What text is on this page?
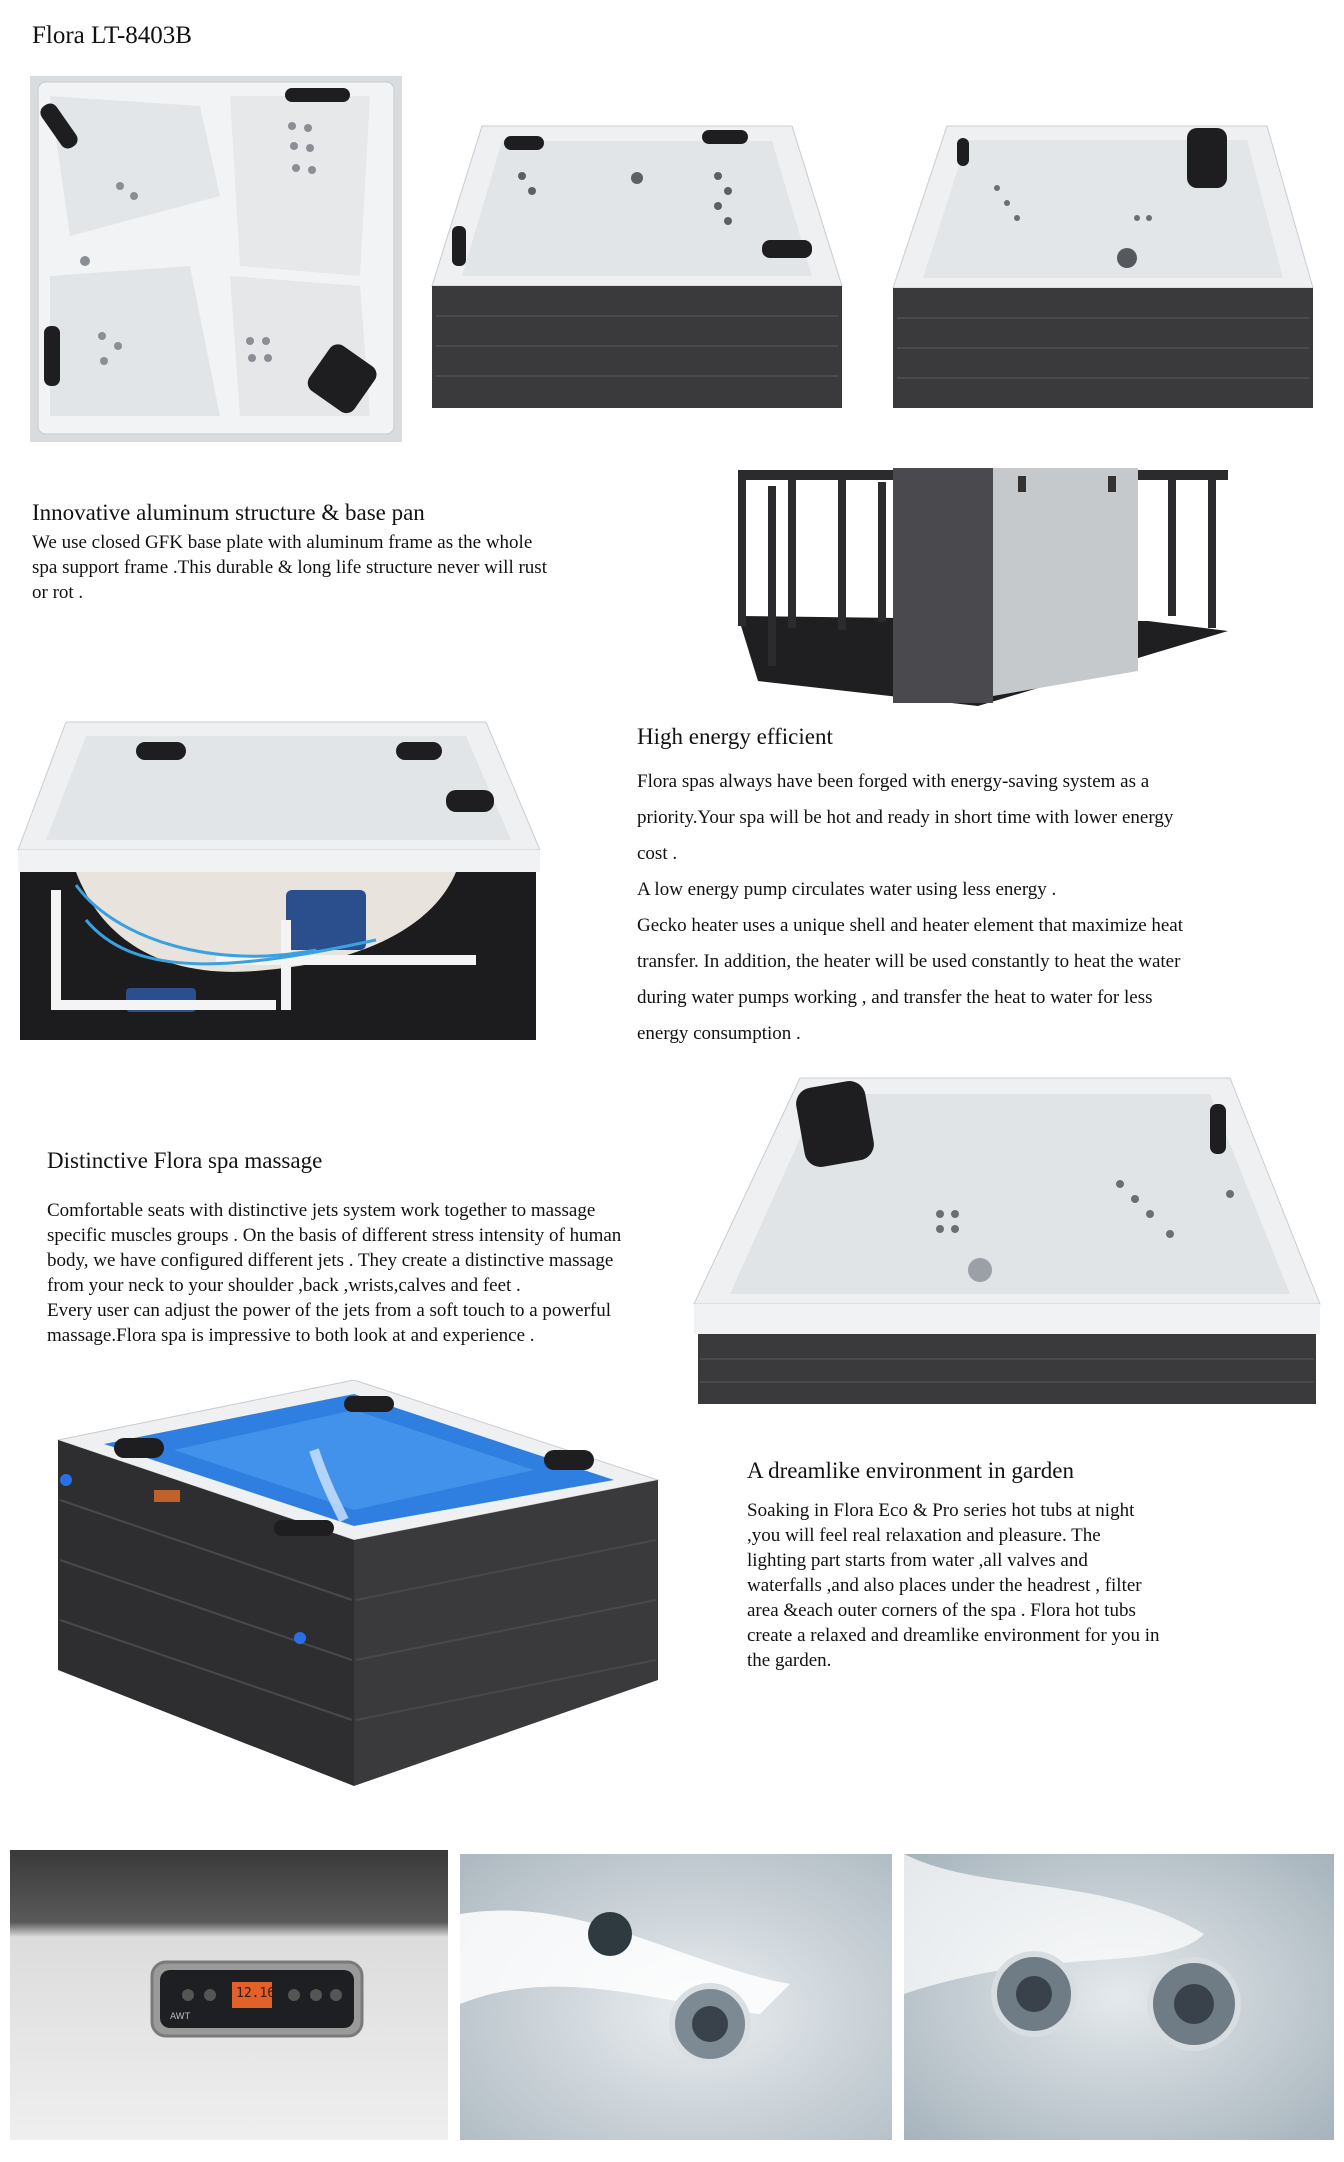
Flora LT-8403B
Innovative aluminum structure & base pan
We use closed GFK base plate with aluminum frame as the whole
spa support frame .This durable & long life structure never will rust
or rot .
High energy efficient
Flora spas always have been forged with energy-saving system as a
priority.Your spa will be hot and ready in short time with lower energy
cost .
A low energy pump circulates water using less energy .
Gecko heater uses a unique shell and heater element that maximize heat
transfer. In addition, the heater will be used constantly to heat the water
during water pumps working , and transfer the heat to water for less
energy consumption .
Distinctive Flora spa massage
Comfortable seats with distinctive jets system work together to massage
specific muscles groups . On the basis of different stress intensity of human
body, we have configured different jets . They create a distinctive massage
from your neck to your shoulder ,back ,wrists,calves and feet .
Every user can adjust the power of the jets from a soft touch to a powerful
massage.Flora spa is impressive to both look at and experience .
A dreamlike environment in garden
Soaking in Flora Eco & Pro series hot tubs at night
,you will feel real relaxation and pleasure. The
lighting part starts from water ,all valves and
waterfalls ,and also places under the headrest , filter
area &each outer corners of the spa . Flora hot tubs
create a relaxed and dreamlike environment for you in
the garden.
12.16
AWT
